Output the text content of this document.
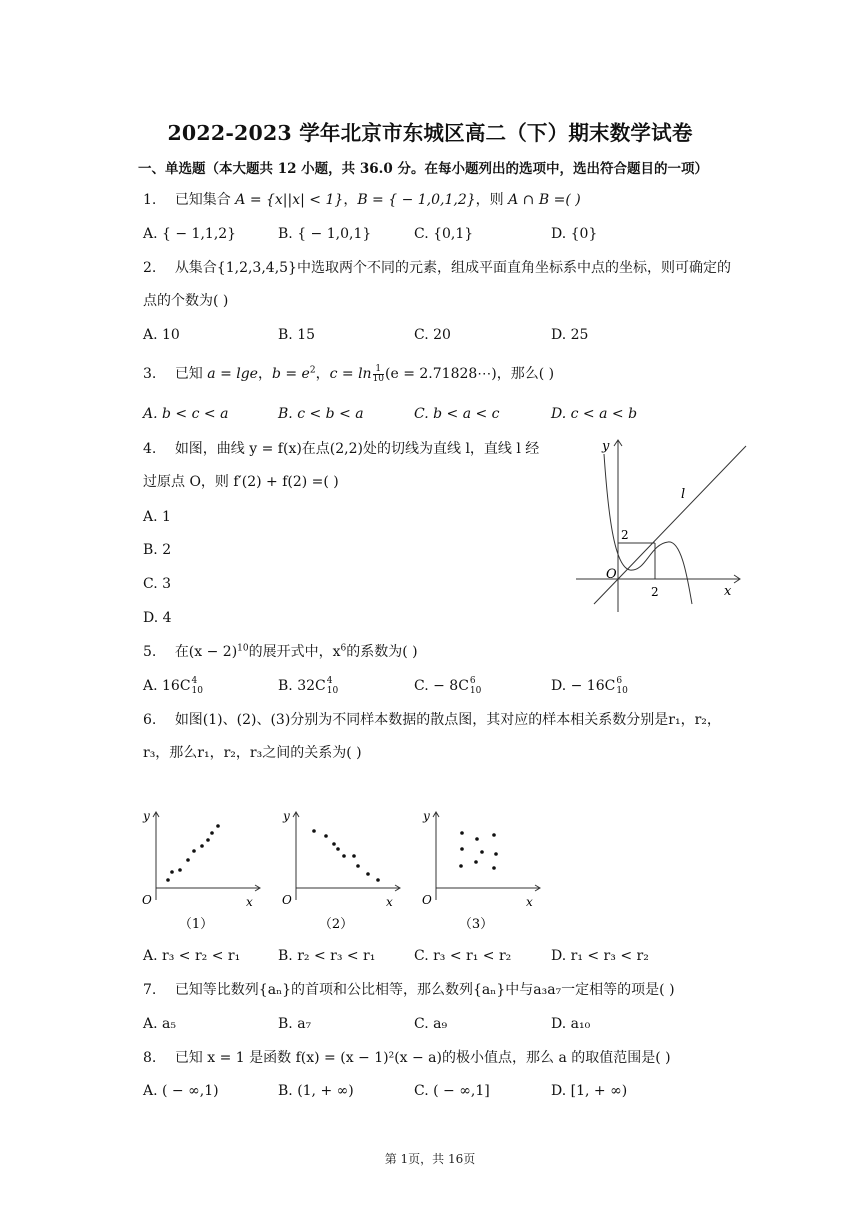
2022-2023 学年北京市东城区高二（下）期末数学试卷
一、单选题（本大题共 12 小题，共 36.0 分。在每小题列出的选项中，选出符合题目的一项）
1. 已知集合 A = {x||x| < 1}，B = { − 1,0,1,2}，则 A ∩ B =( )
A. { − 1,1,2}	B. { − 1,0,1}	C. {0,1}	D. {0}
2. 从集合{1,2,3,4,5}中选取两个不同的元素，组成平面直角坐标系中点的坐标，则可确定的
点的个数为( )
A. 10	B. 15	C. 20	D. 25
3. 已知 a = lge，$b = e^2$，$c = \ln \frac{1}{10} (e$ = 2.71828⋯)，那么( )
A. b < c < a	B. c < b < a	C. b < a < c	D. c < a < b
4. 如图，曲线 y = f(x)在点(2,2)处的切线为直线 l，直线 l 经
过原点 O，则 f′(2) + f(2) =( )
A. 1
B. 2
C. 3
D. 4
y
x
O
l
2
2
5. 在$(x - 2)^{10}$的展开式中，$x^6$的系数为( )
A. 16C 4
10	B. 32C 4
10	C. − 8C 6
10	D. − 16C 6
10
6. 如图(1)、(2)、(3)分别为不同样本数据的散点图，其对应的样本相关系数分别是r₁，r₂，
r₃，那么r₁，r₂，r₃之间的关系为( )
y
O	x
（1）
y
O	x
（2）
y
O	x
（3）
A. r₃ < r₂ < r₁	B. r₂ < r₃ < r₁	C. r₃ < r₁ < r₂	D. r₁ < r₃ < r₂
7. 已知等比数列{aₙ}的首项和公比相等，那么数列{aₙ}中与a₃a₇一定相等的项是( )
A. a₅	B. a₇	C. a₉	D. a₁₀
8. 已知 x = 1 是函数 f(x) = (x − 1)²(x − a)的极小值点，那么 a 的取值范围是( )
A. ( − ∞,1)	B. (1, + ∞)	C. ( − ∞,1]	D. [1, + ∞)
第 1页，共 16页
